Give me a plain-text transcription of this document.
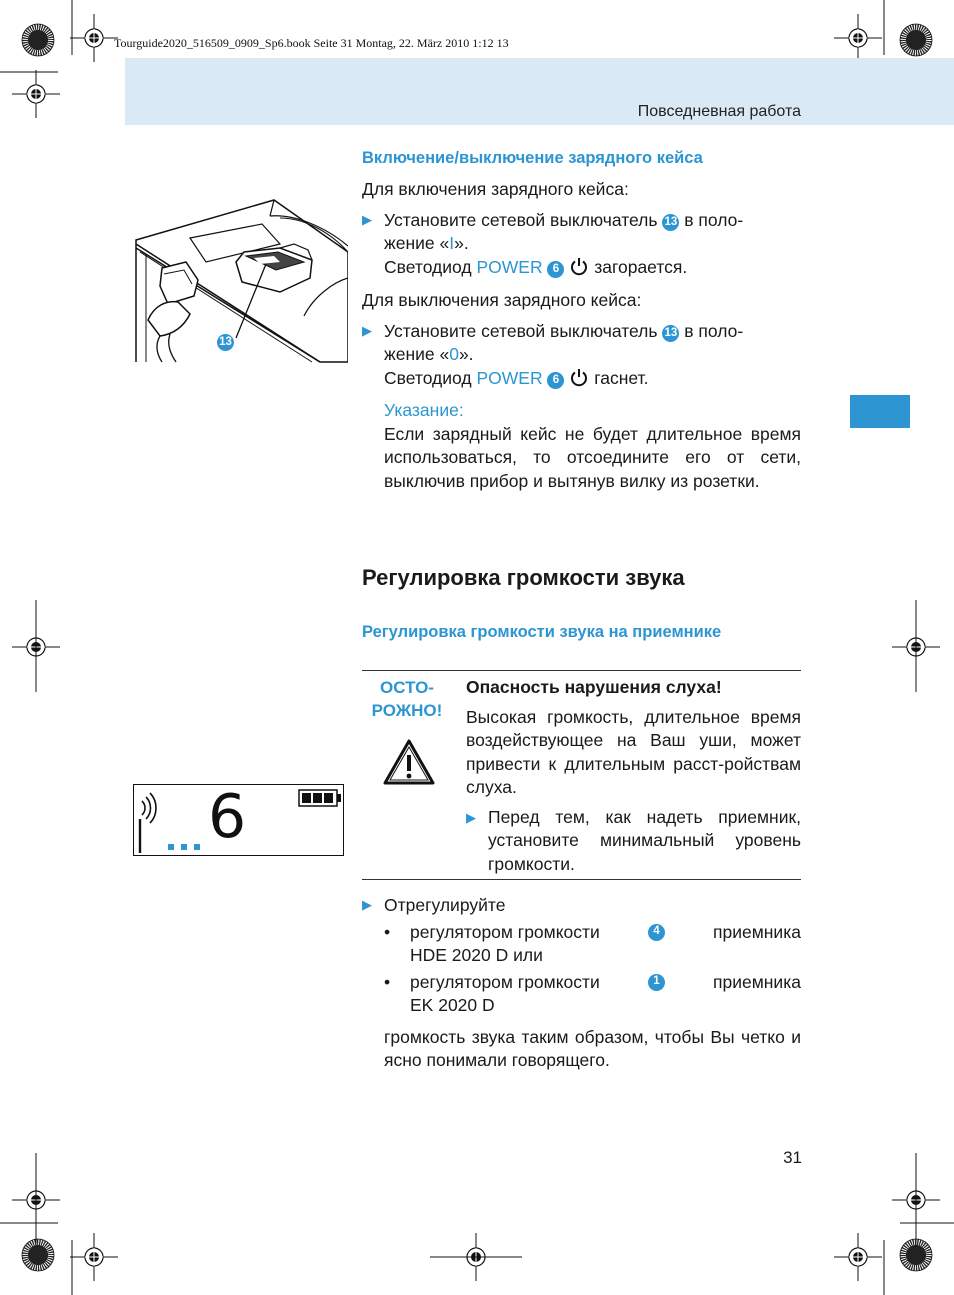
Tourguide2020_516509_0909_Sp6.book Seite 31 Montag, 22. März 2010 1:12 13
Повседневная работа
13
Включение/выключение зарядного кейса
Для включения зарядного кейса:
▶ Установите сетевой выключатель 13 в поло-
жение «I».
Светодиод POWER 6 загорается.
Для выключения зарядного кейса:
▶ Установите сетевой выключатель 13 в поло-
жение «0».
Светодиод POWER 6 гаснет.
Указание:
Если зарядный кейс не будет длительное время использоваться, то отсоедините его от сети, выключив прибор и вытянув вилку из розетки.
Регулировка громкости звука
Регулировка громкости звука на приемнике
ОСТО-
РОЖНО!
Опасность нарушения слуха!
Высокая громкость, длительное время воздействующее на Ваш уши, может привести к длительным расст-ройствам слуха.
▶ Перед тем, как надеть приемник, установите минимальный уровень громкости.
6
▶ Отрегулируйте
•	регулятором громкости	4	приемника
HDE 2020 D или
•	регулятором громкости	1	приемника
EK 2020 D
громкость звука таким образом, чтобы Вы четко и ясно понимали говорящего.
31
